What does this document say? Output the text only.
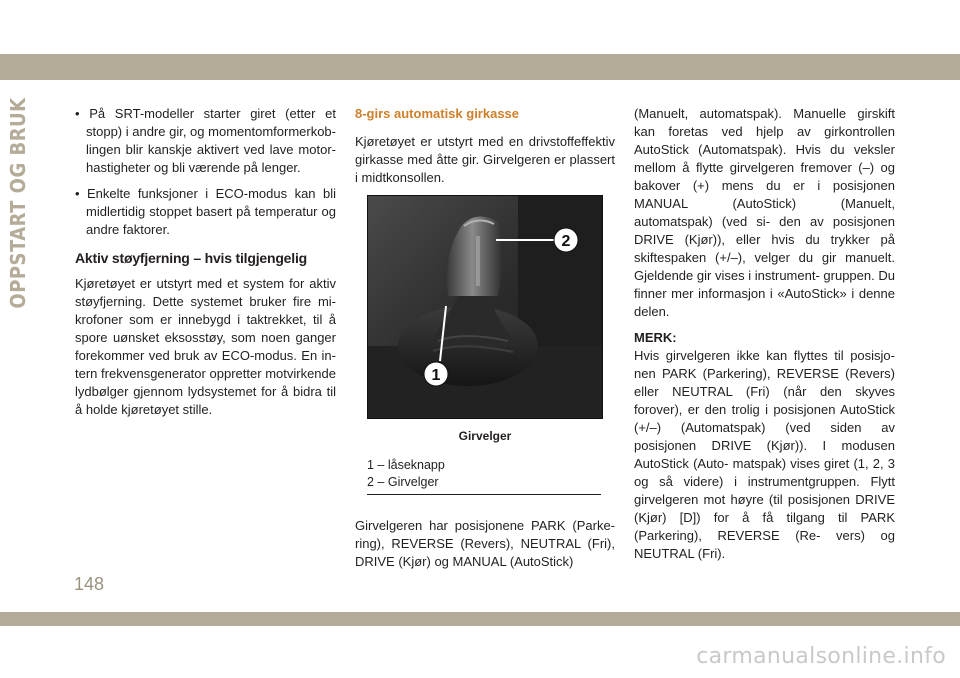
OPPSTART OG BRUK	• På SRT-modeller starter giret (etter et stopp) i andre gir, og momentomformerkob- lingen blir kanskje aktivert ved lave motor- hastigheter og bli værende på lenger.
• Enkelte funksjoner i ECO-modus kan bli midlertidig stoppet basert på temperatur og andre faktorer.
Aktiv støyfjerning – hvis tilgjengelig

Kjøretøyet er utstyrt med et system for aktiv støyfjerning. Dette systemet bruker fire mi- krofoner som er innebygd i taktrekket, til å spore uønsket eksosstøy, som noen ganger forekommer ved bruk av ECO-modus. En in- tern frekvensgenerator oppretter motvirkende lydbølger gjennom lydsystemet for å bidra til å holde kjøretøyet stille.

8-girs automatisk girkasse

Kjøretøyet er utstyrt med en drivstoffeffektiv girkasse med åtte gir. Girvelgeren er plassert i midtkonsollen.

2
1
Girvelger
1 – låseknapp
2 – Girvelger

Girvelgeren har posisjonene PARK (Parke- ring), REVERSE (Revers), NEUTRAL (Fri), DRIVE (Kjør) og MANUAL (AutoStick)

(Manuelt, automatspak). Manuelle girskift kan foretas ved hjelp av girkontrollen AutoStick (Automatspak). Hvis du veksler mellom å flytte girvelgeren fremover (–) og bakover (+) mens du er i posisjonen MANUAL (AutoStick) (Manuelt, automatspak) (ved si- den av posisjonen DRIVE (Kjør)), eller hvis du trykker på skiftespaken (+/–), velger du gir manuelt. Gjeldende gir vises i instrument- gruppen. Du finner mer informasjon i «AutoStick» i denne delen.

MERK:

Hvis girvelgeren ikke kan flyttes til posisjo- nen PARK (Parkering), REVERSE (Revers) eller NEUTRAL (Fri) (når den skyves forover), er den trolig i posisjonen AutoStick (+/–) (Automatspak) (ved siden av posisjonen DRIVE (Kjør)). I modusen AutoStick (Auto- matspak) vises giret (1, 2, 3 og så videre) i instrumentgruppen. Flytt girvelgeren mot høyre (til posisjonen DRIVE (Kjør) [D]) for å få tilgang til PARK (Parkering), REVERSE (Re- vers) og NEUTRAL (Fri).

148
carmanualsonline.info
